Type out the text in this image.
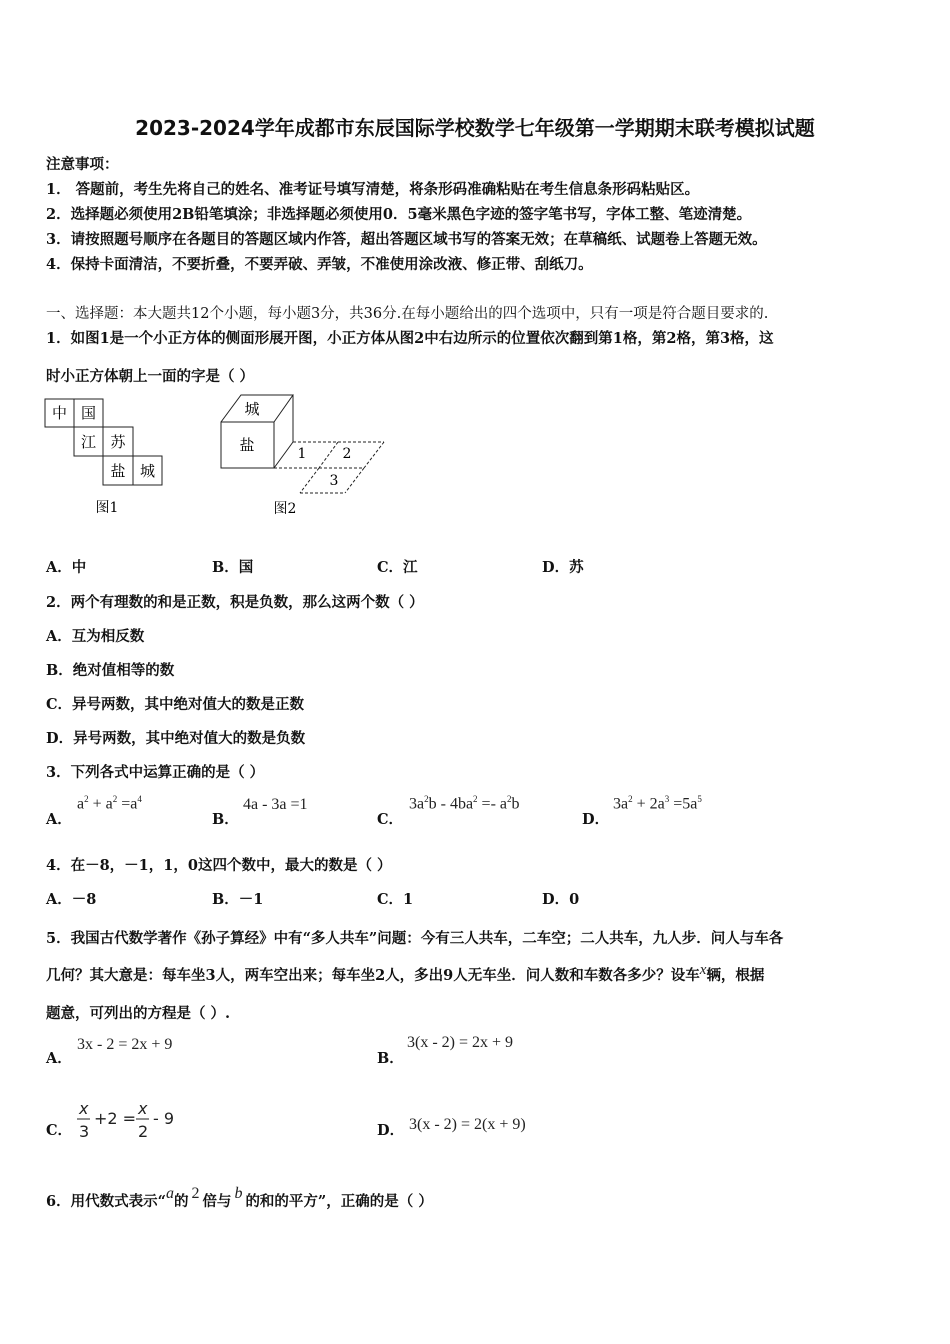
2023-2024学年成都市东辰国际学校数学七年级第一学期期末联考模拟试题
注意事项：
1． 答题前，考生先将自己的姓名、准考证号填写清楚，将条形码准确粘贴在考生信息条形码粘贴区。
2．选择题必须使用2B铅笔填涂；非选择题必须使用0．5毫米黑色字迹的签字笔书写，字体工整、笔迹清楚。
3．请按照题号顺序在各题目的答题区域内作答，超出答题区域书写的答案无效；在草稿纸、试题卷上答题无效。
4．保持卡面清洁，不要折叠，不要弄破、弄皱，不准使用涂改液、修正带、刮纸刀。
一、选择题：本大题共12个小题，每小题3分，共36分.在每小题给出的四个选项中，只有一项是符合题目要求的.
1．如图1是一个小正方体的侧面形展开图，小正方体从图2中右边所示的位置依次翻到第1格，第2格，第3格，这
时小正方体朝上一面的字是（ ）
中 国
江 苏
盐 城
图1
城
盐	1	2
3
图2
A．中	B．国	C．江	D．苏
2．两个有理数的和是正数，积是负数，那么这两个数（ ）
A．互为相反数
B．绝对值相等的数
C．异号两数，其中绝对值大的数是正数
D．异号两数，其中绝对值大的数是负数
3．下列各式中运算正确的是（ ）
A．
$a^2 + a^2 =a^4$
B．
4a - 3a =1
C．
$3a^2b - 4ba^2 =- a^2b$
D．
$3a^2 + 2a^3 =5a^5$
4．在－8，－1，1，0这四个数中，最大的数是（ ）
A．－8	B．－1	C．1	D．0
5．我国古代数学著作《孙子算经》中有“多人共车”问题：今有三人共车，二车空；二人共车，九人步．问人与车各
几何？其大意是：每车坐3人，两车空出来；每车坐2人，多出9人无车坐．问人数和车数各多少？设车x辆，根据
题意，可列出的方程是（ ）.
A．
3x - 2 = 2x + 9
B．
3(x - 2) = 2x + 9
C．
x
3
+2 =
x
2
- 9
D． 3(x - 2) = 2(x + 9)
6．用代数式表示“a的 2 倍与 b 的和的平方”，正确的是（ ）
